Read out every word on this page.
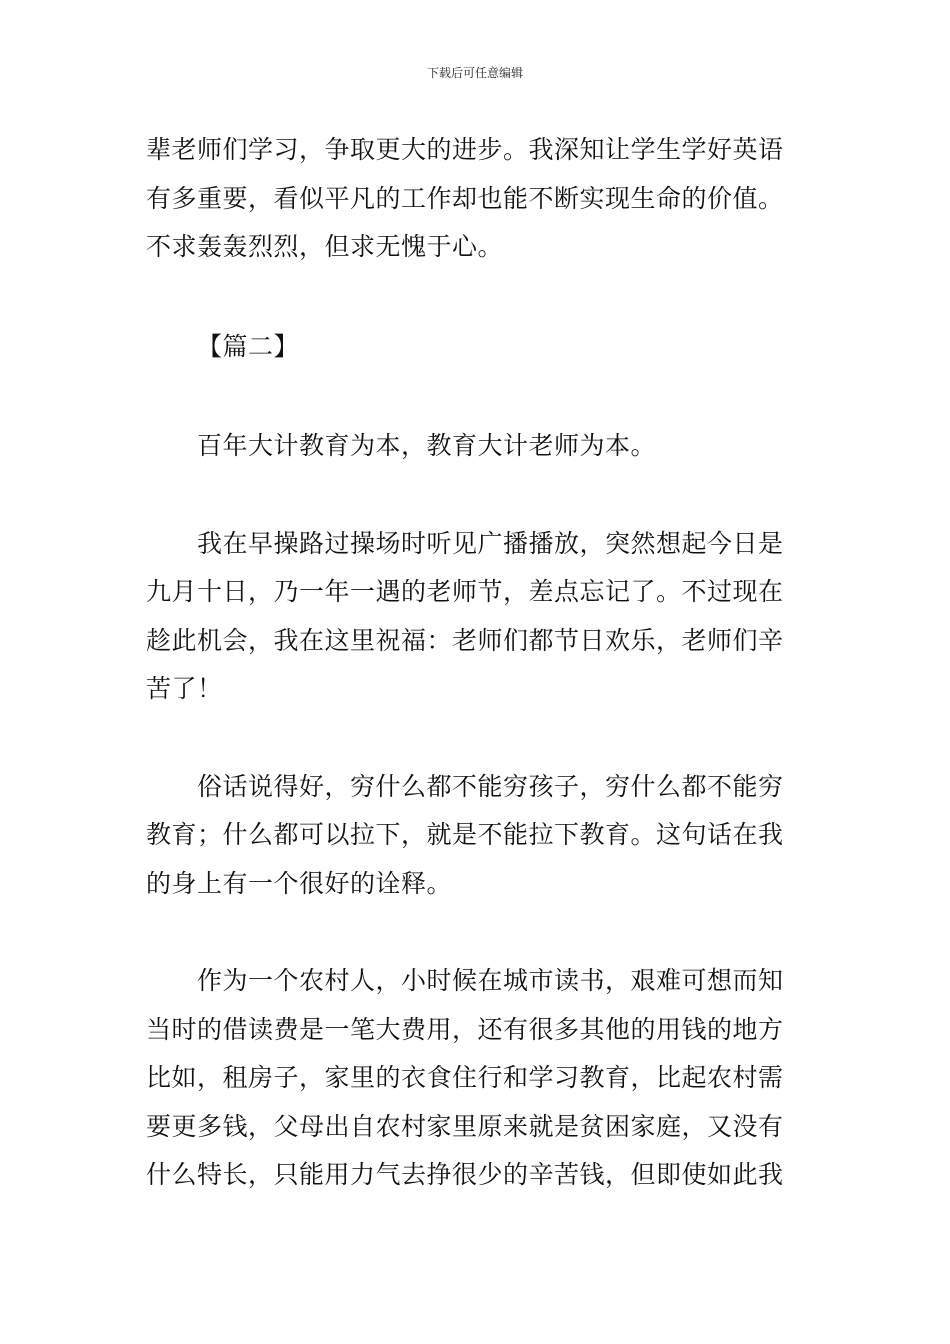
下载后可任意编辑
辈老师们学习，争取更大的进步。我深知让学生学好英语
有多重要，看似平凡的工作却也能不断实现生命的价值。
不求轰轰烈烈，但求无愧于心。
【篇二】
百年大计教育为本，教育大计老师为本。
我在早操路过操场时听见广播播放，突然想起今日是
九月十日，乃一年一遇的老师节，差点忘记了。不过现在
趁此机会，我在这里祝福：老师们都节日欢乐，老师们辛
苦了！
俗话说得好，穷什么都不能穷孩子，穷什么都不能穷
教育；什么都可以拉下，就是不能拉下教育。这句话在我
的身上有一个很好的诠释。
作为一个农村人，小时候在城市读书，艰难可想而知
当时的借读费是一笔大费用，还有很多其他的用钱的地方
比如，租房子，家里的衣食住行和学习教育，比起农村需
要更多钱，父母出自农村家里原来就是贫困家庭，又没有
什么特长，只能用力气去挣很少的辛苦钱，但即使如此我
